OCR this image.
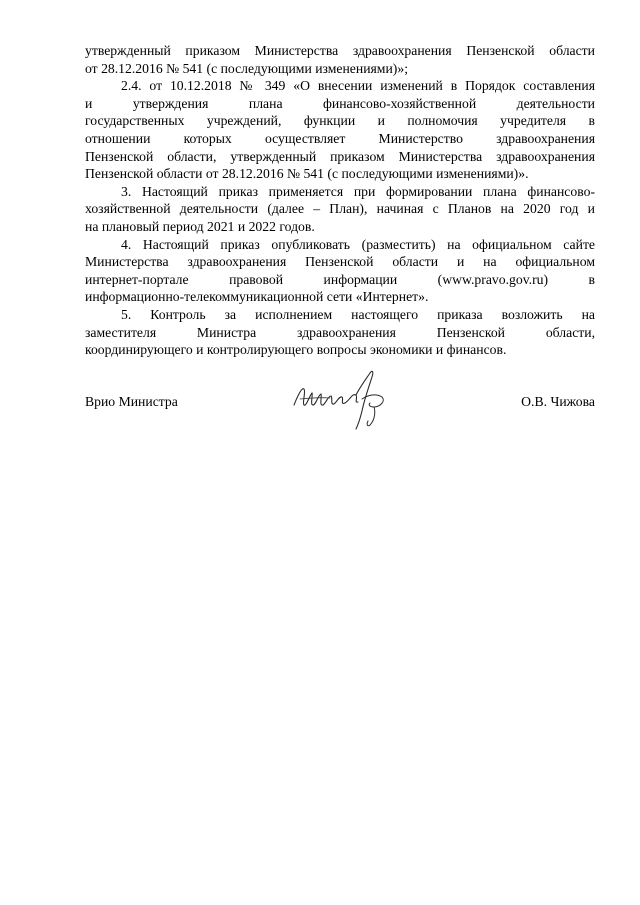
утвержденный приказом Министерства здравоохранения Пензенской области
от 28.12.2016 № 541 (с последующими изменениями)»;
2.4. от 10.12.2018 № 349 «О внесении изменений в Порядок составления
и утверждения плана финансово-хозяйственной деятельности
государственных учреждений, функции и полномочия учредителя в
отношении которых осуществляет Министерство здравоохранения
Пензенской области, утвержденный приказом Министерства здравоохранения
Пензенской области от 28.12.2016 № 541 (с последующими изменениями)».
3. Настоящий приказ применяется при формировании плана финансово-
хозяйственной деятельности (далее – План), начиная с Планов на 2020 год и
на плановый период 2021 и 2022 годов.
4. Настоящий приказ опубликовать (разместить) на официальном сайте
Министерства здравоохранения Пензенской области и на официальном
интернет-портале правовой информации (www.pravo.gov.ru) в
информационно-телекоммуникационной сети «Интернет».
5. Контроль за исполнением настоящего приказа возложить на
заместителя Министра здравоохранения Пензенской области,
координирующего и контролирующего вопросы экономики и финансов.
Врио Министра	О.В. Чижова
